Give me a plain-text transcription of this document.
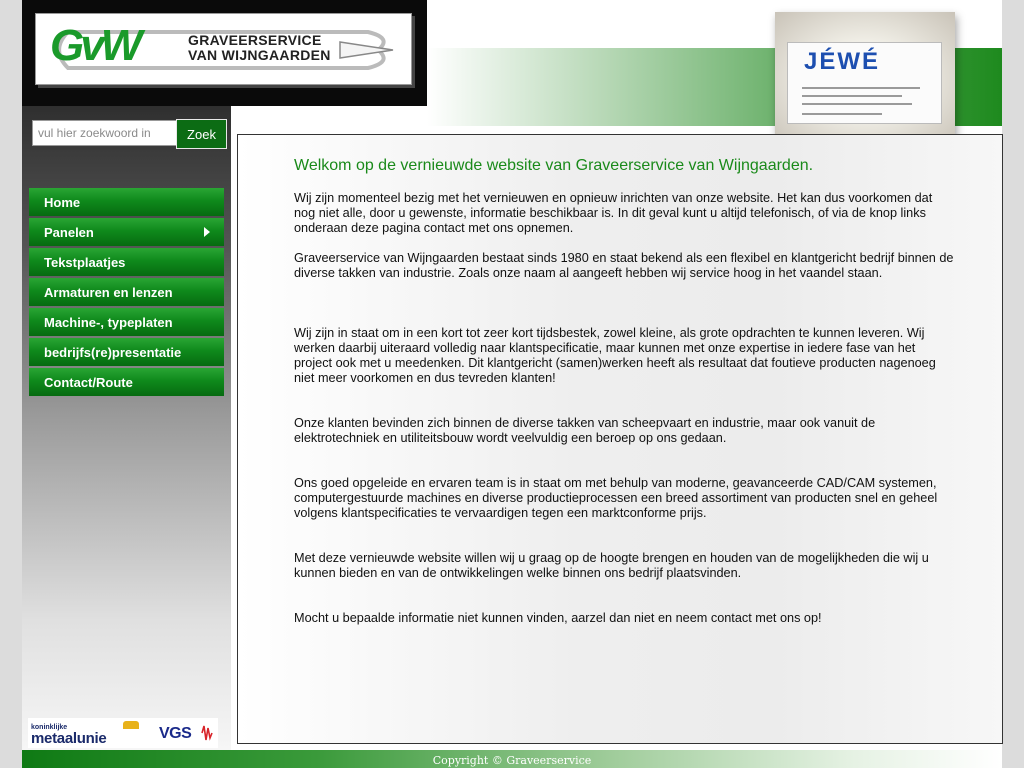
GvW	GRAVEERSERVICE
VAN WIJNGAARDEN	JÉWÉ
vul hier zoekwoord in
Zoek
Home
Panelen
Tekstplaatjes
Armaturen en lenzen
Machine-, typeplaten
bedrijfs(re)presentatie
Contact/Route
koninklijke
metaalunie	VGS
Welkom op de vernieuwde website van Graveerservice van Wijngaarden.

Wij zijn momenteel bezig met het vernieuwen en opnieuw inrichten van onze website. Het kan dus voorkomen dat nog niet alle, door u gewenste, informatie beschikbaar is. In dit geval kunt u altijd telefonisch, of via de knop links onderaan deze pagina contact met ons opnemen.

Graveerservice van Wijngaarden bestaat sinds 1980 en staat bekend als een flexibel en klantgericht bedrijf binnen de diverse takken van industrie. Zoals onze naam al aangeeft hebben wij service hoog in het vaandel staan.

Wij zijn in staat om in een kort tot zeer kort tijdsbestek, zowel kleine, als grote opdrachten te kunnen leveren. Wij werken daarbij uiteraard volledig naar klantspecificatie, maar kunnen met onze expertise in iedere fase van het project ook met u meedenken. Dit klantgericht (samen)werken heeft als resultaat dat foutieve producten nagenoeg niet meer voorkomen en dus tevreden klanten!

Onze klanten bevinden zich binnen de diverse takken van scheepvaart en industrie, maar ook vanuit de elektrotechniek en utiliteitsbouw wordt veelvuldig een beroep op ons gedaan.

Ons goed opgeleide en ervaren team is in staat om met behulp van moderne, geavanceerde CAD/CAM systemen, computergestuurde machines en diverse productieprocessen een breed assortiment van producten snel en geheel volgens klantspecificaties te vervaardigen tegen een marktconforme prijs.

Met deze vernieuwde website willen wij u graag op de hoogte brengen en houden van de mogelijkheden die wij u kunnen bieden en van de ontwikkelingen welke binnen ons bedrijf plaatsvinden.

Mocht u bepaalde informatie niet kunnen vinden, aarzel dan niet en neem contact met ons op!

Copyright © Graveerservice
